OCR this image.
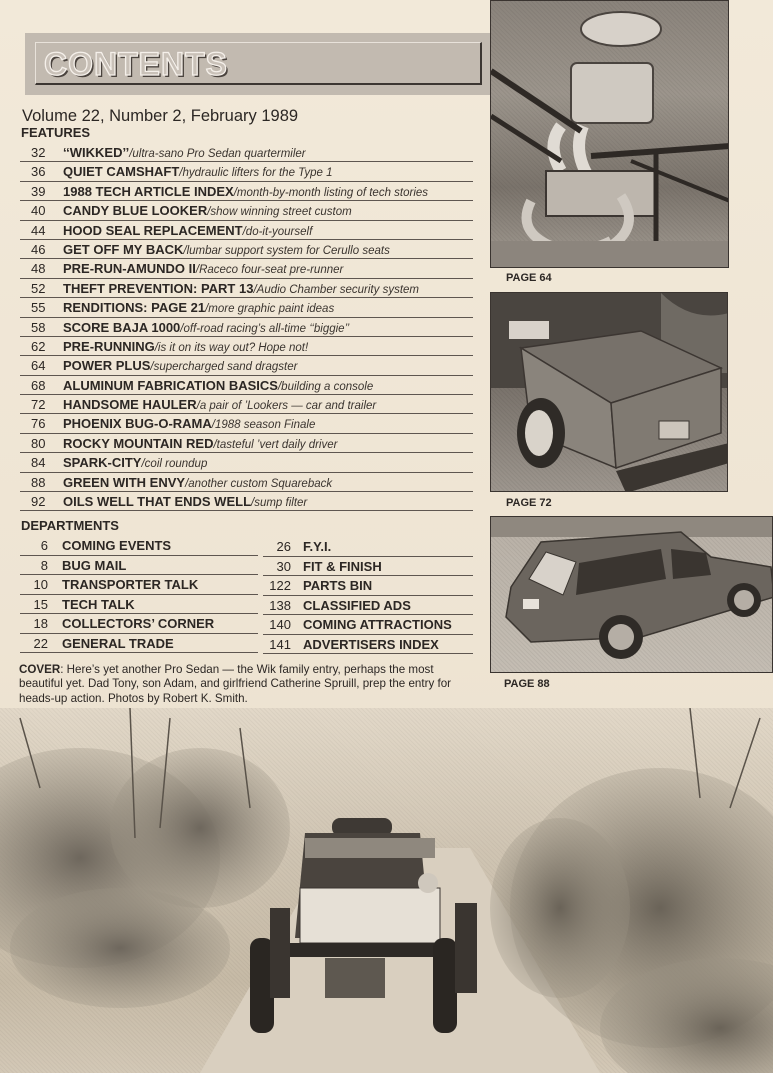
CONTENTS
Volume 22, Number 2, February 1989
FEATURES
32	‘‘WIKKED’’/ultra-sano Pro Sedan quartermiler
36	QUIET CAMSHAFT/hydraulic lifters for the Type 1
39	1988 TECH ARTICLE INDEX/month-by-month listing of tech stories
40	CANDY BLUE LOOKER/show winning street custom
44	HOOD SEAL REPLACEMENT/do-it-yourself
46	GET OFF MY BACK/lumbar support system for Cerullo seats
48	PRE-RUN-AMUNDO II/Raceco four-seat pre-runner
52	THEFT PREVENTION: PART 13/Audio Chamber security system
55	RENDITIONS: PAGE 21/more graphic paint ideas
58	SCORE BAJA 1000/off-road racing’s all-time ‘‘biggie’’
62	PRE-RUNNING/is it on its way out? Hope not!
64	POWER PLUS/supercharged sand dragster
68	ALUMINUM FABRICATION BASICS/building a console
72	HANDSOME HAULER/a pair of ’Lookers — car and trailer
76	PHOENIX BUG-O-RAMA/1988 season Finale
80	ROCKY MOUNTAIN RED/tasteful ’vert daily driver
84	SPARK-CITY/coil roundup
88	GREEN WITH ENVY/another custom Squareback
92	OILS WELL THAT ENDS WELL/sump filter
DEPARTMENTS
6 COMING EVENTS
8 BUG MAIL
10 TRANSPORTER TALK
15 TECH TALK
18 COLLECTORS’ CORNER
22 GENERAL TRADE
26 F.Y.I.
30 FIT & FINISH
122 PARTS BIN
138 CLASSIFIED ADS
140 COMING ATTRACTIONS
141 ADVERTISERS INDEX
COVER: Here’s yet another Pro Sedan — the Wik family entry, perhaps the most beautiful yet. Dad Tony, son Adam, and girlfriend Catherine Spruill, prep the entry for heads-up action. Photos by Robert K. Smith.
PAGE 64
PAGE 72
PAGE 88
